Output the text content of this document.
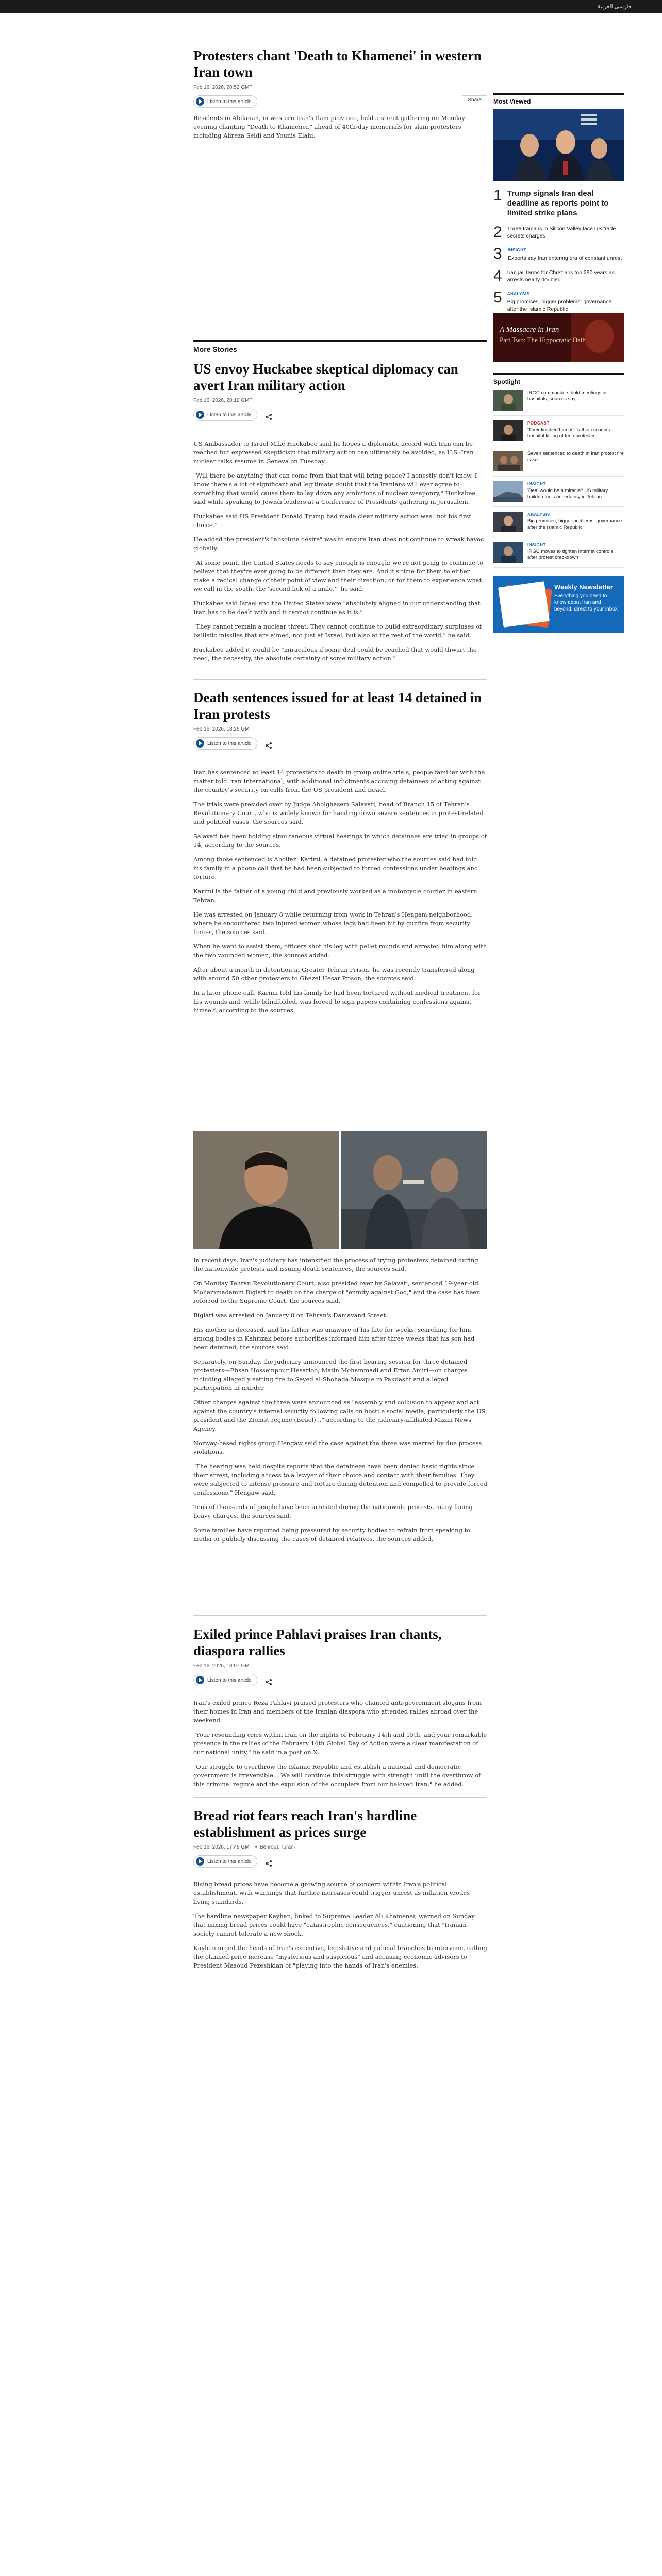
فارسی العربية
Protesters chant 'Death to Khamenei' in western Iran town
Feb 16, 2026, 20:52 GMT
Listen to this article	Share

Residents in Abdanan, in western Iran's Ilam province, held a street gathering on Monday evening chanting "Death to Khamenei," ahead of 40th-day memorials for slain protesters including Alireza Seidi and Younis Elahi.

More Stories
US envoy Huckabee skeptical diplomacy can avert Iran military action
Feb 16, 2026, 20:19 GMT
Listen to this article

US Ambassador to Israel Mike Huckabee said he hopes a diplomatic accord with Iran can be reached but expressed skepticism that military action can ultimately be avoided, as U.S.-Iran nuclear talks resume in Geneva on Tuesday.

"Will there be anything that can come from that that will bring peace? I honestly don't know. I know there's a lot of significant and legitimate doubt that the Iranians will ever agree to something that would cause them to lay down any ambitions of nuclear weaponry," Huckabee said while speaking to Jewish leaders at a Conference of Presidents gathering in Jerusalem.

Huckabee said US President Donald Trump had made clear military action was "not his first choice."

He added the president's "absolute desire" was to ensure Iran does not continue to wreak havoc globally.

"At some point, the United States needs to say enough is enough; we're not going to continue to believe that they're ever going to be different than they are. And it's time for them to either make a radical change of their point of view and their direction, or for them to experience what we call in the south, the 'second lick of a mule,'" he said.

Huckabee said Israel and the United States were "absolutely aligned in our understanding that Iran has to be dealt with and it cannot continue as it is."

"They cannot remain a nuclear threat. They cannot continue to build extraordinary surpluses of ballistic missiles that are aimed, not just at Israel, but also at the rest of the world," he said.

Huckabee added it would be "miraculous if some deal could be reached that would thwart the need, the necessity, the absolute certainty of some military action."

Death sentences issued for at least 14 detained in Iran protests
Feb 16, 2026, 18:26 GMT
Listen to this article

Iran has sentenced at least 14 protesters to death in group online trials, people familiar with the matter told Iran International, with additional indictments accusing detainees of acting against the country's security on calls from the US president and Israel.

The trials were presided over by Judge Abolghasem Salavati, head of Branch 15 of Tehran's Revolutionary Court, who is widely known for handing down severe sentences in protest-related and political cases, the sources said.

Salavati has been holding simultaneous virtual hearings in which detainees are tried in groups of 14, according to the sources.

Among those sentenced is Abolfazl Karimi, a detained protester who the sources said had told his family in a phone call that he had been subjected to forced confessions under beatings and torture.

Karimi is the father of a young child and previously worked as a motorcycle courier in eastern Tehran.

He was arrested on January 8 while returning from work in Tehran's Hengam neighborhood, where he encountered two injured women whose legs had been hit by gunfire from security forces, the sources said.

When he went to assist them, officers shot his leg with pellet rounds and arrested him along with the two wounded women, the sources added.

After about a month in detention in Greater Tehran Prison, he was recently transferred along with around 50 other protesters to Ghezel Hesar Prison, the sources said.

In a later phone call, Karimi told his family he had been tortured without medical treatment for his wounds and, while blindfolded, was forced to sign papers containing confessions against himself, according to the sources.

In recent days, Iran's judiciary has intensified the process of trying protesters detained during the nationwide protests and issuing death sentences, the sources said.

On Monday Tehran Revolutionary Court, also presided over by Salavati, sentenced 19-year-old Mohammadamin Biglari to death on the charge of "enmity against God," and the case has been referred to the Supreme Court, the sources said.

Biglari was arrested on January 8 on Tehran's Damavand Street.

His mother is deceased, and his father was unaware of his fate for weeks, searching for him among bodies in Kahrizak before authorities informed him after three weeks that his son had been detained, the sources said.

Separately, on Sunday, the judiciary announced the first hearing session for three detained protesters—Ehsan Hosseinpour Hesarloo, Matin Mohammadi and Erfan Amiri—on charges including allegedly setting fire to Seyed al-Shohada Mosque in Pakdasht and alleged participation in murder.

Other charges against the three were announced as "assembly and collusion to appear and act against the country's internal security following calls on hostile social media, particularly the US president and the Zionist regime (Israel)..." according to the judiciary-affiliated Mizan News Agency.

Norway-based rights group Hengaw said the case against the three was marred by due process violations.

"The hearing was held despite reports that the detainees have been denied basic rights since their arrest, including access to a lawyer of their choice and contact with their families. They were subjected to intense pressure and torture during detention and compelled to provide forced confessions," Hengaw said.

Tens of thousands of people have been arrested during the nationwide protests, many facing heavy charges, the sources said.

Some families have reported being pressured by security bodies to refrain from speaking to media or publicly discussing the cases of detained relatives, the sources added.

Exiled prince Pahlavi praises Iran chants, diaspora rallies
Feb 16, 2026, 18:07 GMT
Listen to this article

Iran's exiled prince Reza Pahlavi praised protesters who chanted anti-government slogans from their homes in Iran and members of the Iranian diaspora who attended rallies abroad over the weekend.

"Your resounding cries within Iran on the nights of February 14th and 15th, and your remarkable presence in the rallies of the February 14th Global Day of Action were a clear manifestation of our national unity," he said in a post on X.

"Our struggle to overthrow the Islamic Republic and establish a national and democratic government is irreversible... We will continue this struggle with strength until the overthrow of this criminal regime and the expulsion of the occupiers from our beloved Iran," he added.

Bread riot fears reach Iran's hardline establishment as prices surge
Feb 16, 2026, 17:49 GMT  •  Behrouz Turani
Listen to this article

Rising bread prices have become a growing source of concern within Iran's political establishment, with warnings that further increases could trigger unrest as inflation erodes living standards.

The hardline newspaper Kayhan, linked to Supreme Leader Ali Khamenei, warned on Sunday that mixing bread prices could have "catastrophic consequences," cautioning that "Iranian society cannot tolerate a new shock."

Kayhan urged the heads of Iran's executive, legislative and judicial branches to intervene, calling the planned price increase "mysterious and suspicious" and accusing economic advisers to President Masoud Pezeshkian of "playing into the hands of Iran's enemies."

Most Viewed
1 Trump signals Iran deal deadline as reports point to limited strike plans
2 Three Iranians in Silicon Valley face US trade secrets charges
3 INSIGHT
Experts say Iran entering era of constant unrest
4 Iran jail terms for Christians top 290 years as arrests nearly doubled
5 ANALYSIS
Big promises, bigger problems: governance after the Islamic Republic
A Massacre in Iran
Part Two: The Hippocratic Oath
Spotlight
IRGC commanders hold meetings in hospitals, sources say
PODCAST
'Their finished him off': father recounts hospital killing of teen protester
Seven sentenced to death in Iran protest fire case
INSIGHT
'Deal would be a miracle': US military buildup fuels uncertainty in Tehran
ANALYSIS
Big promises, bigger problems: governance after the Islamic Republic
INSIGHT
IRGC moves to tighten internet controls after protest crackdown
Weekly Newsletter
Everything you need to know about Iran and beyond, direct to your inbox
